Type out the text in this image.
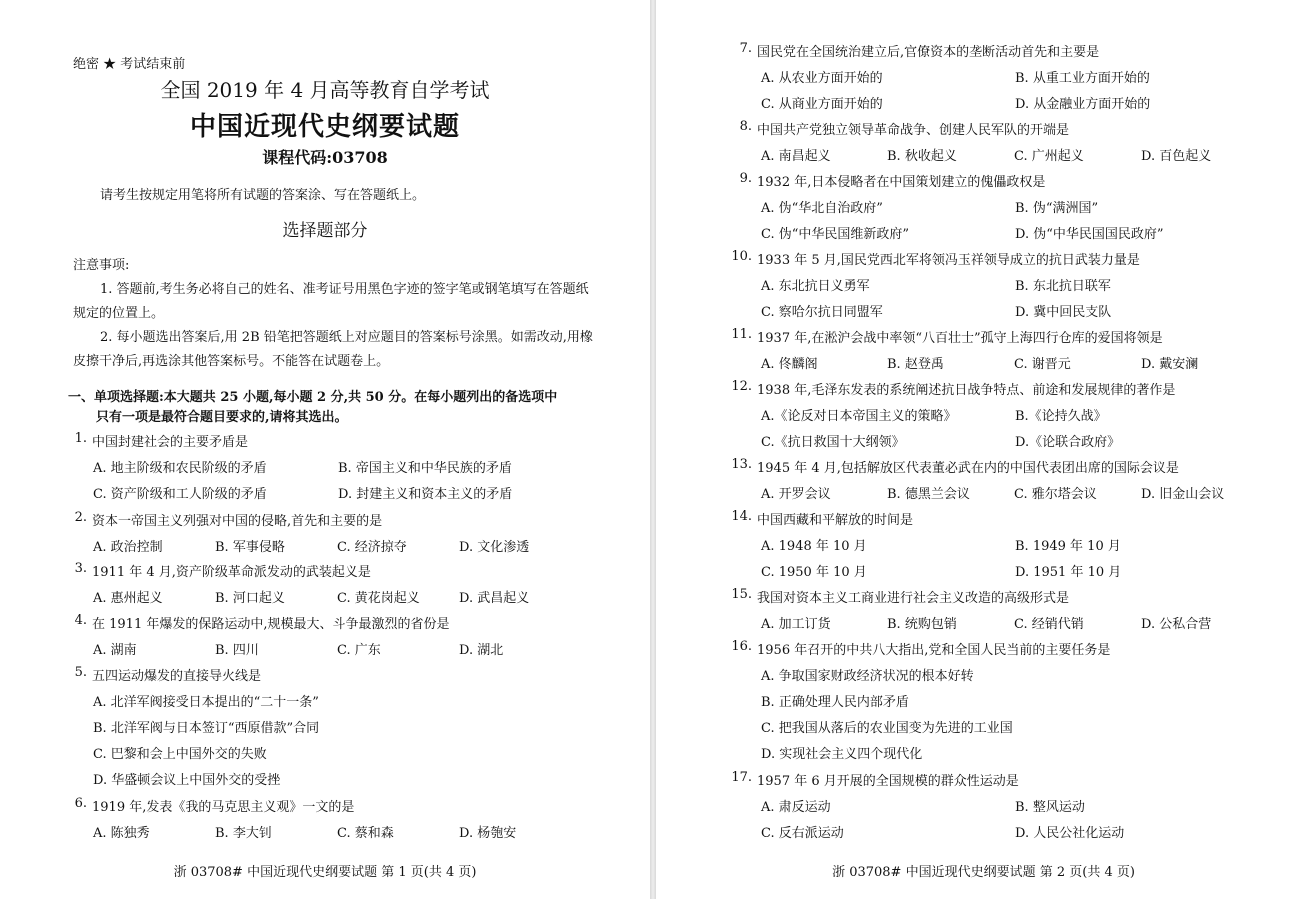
绝密 ★ 考试结束前
全国 2019 年 4 月高等教育自学考试
中国近现代史纲要试题
课程代码:03708
请考生按规定用笔将所有试题的答案涂、写在答题纸上。
选择题部分
注意事项:
1. 答题前,考生务必将自己的姓名、准考证号用黑色字迹的签字笔或钢笔填写在答题纸
规定的位置上。
2. 每小题选出答案后,用 2B 铅笔把答题纸上对应题目的答案标号涂黑。如需改动,用橡
皮擦干净后,再选涂其他答案标号。不能答在试题卷上。
一、单项选择题:本大题共 25 小题,每小题 2 分,共 50 分。在每小题列出的备选项中
只有一项是最符合题目要求的,请将其选出。
1. 中国封建社会的主要矛盾是
A. 地主阶级和农民阶级的矛盾	B. 帝国主义和中华民族的矛盾
C. 资产阶级和工人阶级的矛盾	D. 封建主义和资本主义的矛盾
2. 资本一帝国主义列强对中国的侵略,首先和主要的是
A. 政治控制	B. 军事侵略	C. 经济掠夺	D. 文化渗透
3. 1911 年 4 月,资产阶级革命派发动的武装起义是
A. 惠州起义	B. 河口起义	C. 黄花岗起义	D. 武昌起义
4. 在 1911 年爆发的保路运动中,规模最大、斗争最激烈的省份是
A. 湖南	B. 四川	C. 广东	D. 湖北
5. 五四运动爆发的直接导火线是
A. 北洋军阀接受日本提出的“二十一条”
B. 北洋军阀与日本签订“西原借款”合同
C. 巴黎和会上中国外交的失败
D. 华盛顿会议上中国外交的受挫
6. 1919 年,发表《我的马克思主义观》一文的是
A. 陈独秀	B. 李大钊	C. 蔡和森	D. 杨匏安
浙 03708# 中国近现代史纲要试题 第 1 页(共 4 页)
7. 国民党在全国统治建立后,官僚资本的垄断活动首先和主要是
A. 从农业方面开始的	B. 从重工业方面开始的
C. 从商业方面开始的	D. 从金融业方面开始的
8. 中国共产党独立领导革命战争、创建人民军队的开端是
A. 南昌起义	B. 秋收起义	C. 广州起义	D. 百色起义
9. 1932 年,日本侵略者在中国策划建立的傀儡政权是
A. 伪“华北自治政府”	B. 伪“满洲国”
C. 伪“中华民国维新政府”	D. 伪“中华民国国民政府”
10. 1933 年 5 月,国民党西北军将领冯玉祥领导成立的抗日武装力量是
A. 东北抗日义勇军	B. 东北抗日联军
C. 察哈尔抗日同盟军	D. 冀中回民支队
11. 1937 年,在淞沪会战中率领“八百壮士”孤守上海四行仓库的爱国将领是
A. 佟麟阁	B. 赵登禹	C. 谢晋元	D. 戴安澜
12. 1938 年,毛泽东发表的系统阐述抗日战争特点、前途和发展规律的著作是
A.《论反对日本帝国主义的策略》	B.《论持久战》
C.《抗日救国十大纲领》	D.《论联合政府》
13. 1945 年 4 月,包括解放区代表董必武在内的中国代表团出席的国际会议是
A. 开罗会议	B. 德黑兰会议	C. 雅尔塔会议	D. 旧金山会议
14. 中国西藏和平解放的时间是
A. 1948 年 10 月	B. 1949 年 10 月
C. 1950 年 10 月	D. 1951 年 10 月
15. 我国对资本主义工商业进行社会主义改造的高级形式是
A. 加工订货	B. 统购包销	C. 经销代销	D. 公私合营
16. 1956 年召开的中共八大指出,党和全国人民当前的主要任务是
A. 争取国家财政经济状况的根本好转
B. 正确处理人民内部矛盾
C. 把我国从落后的农业国变为先进的工业国
D. 实现社会主义四个现代化
17. 1957 年 6 月开展的全国规模的群众性运动是
A. 肃反运动	B. 整风运动
C. 反右派运动	D. 人民公社化运动
浙 03708# 中国近现代史纲要试题 第 2 页(共 4 页)
